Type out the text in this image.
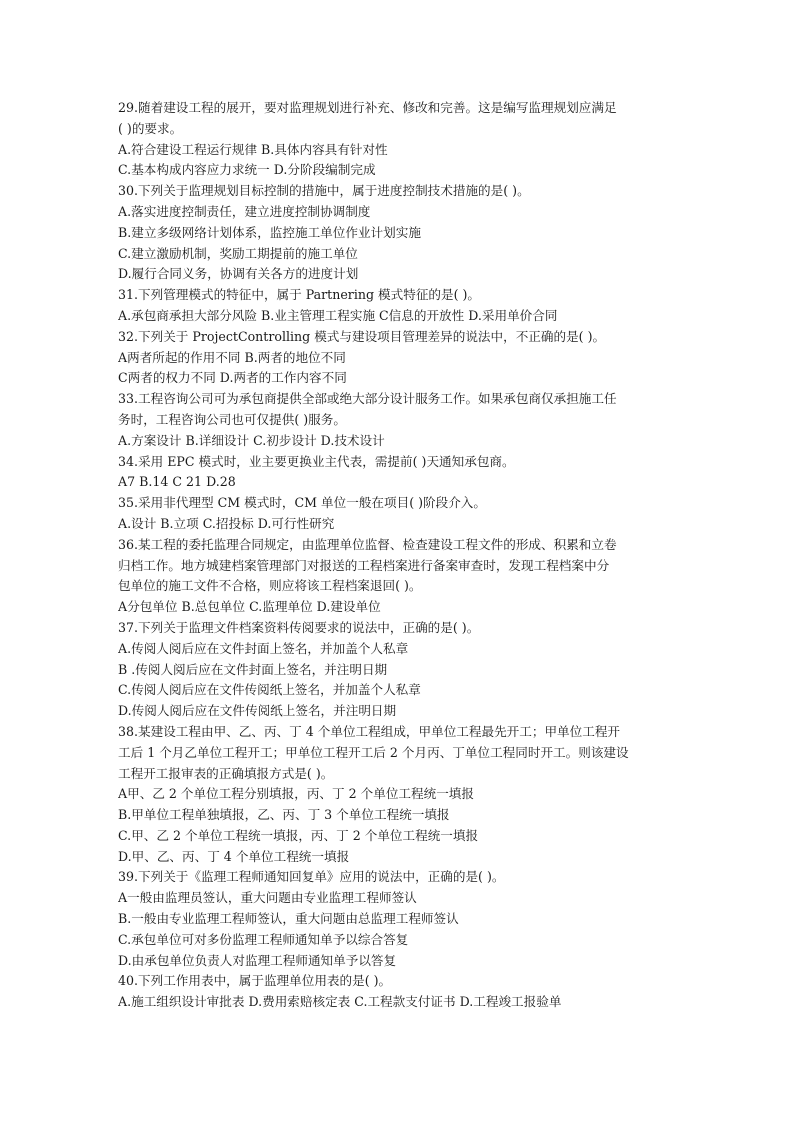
29.随着建设工程的展开，要对监理规划进行补充、修改和完善。这是编写监理规划应满足
( )的要求。
A.符合建设工程运行规律 B.具体内容具有针对性
C.基本构成内容应力求统一 D.分阶段编制完成
30.下列关于监理规划目标控制的措施中，属于进度控制技术措施的是( )。
A.落实进度控制责任，建立进度控制协调制度
B.建立多级网络计划体系，监控施工单位作业计划实施
C.建立激励机制，奖励工期提前的施工单位
D.履行合同义务，协调有关各方的进度计划
31.下列管理模式的特征中，属于 Partnering 模式特征的是( )。
A.承包商承担大部分风险 B.业主管理工程实施 C信息的开放性 D.采用单价合同
32.下列关于 ProjectControlling 模式与建设项目管理差异的说法中，不正确的是( )。
A两者所起的作用不同 B.两者的地位不同
C两者的权力不同 D.两者的工作内容不同
33.工程咨询公司可为承包商提供全部或绝大部分设计服务工作。如果承包商仅承担施工任
务时，工程咨询公司也可仅提供( )服务。
A.方案设计 B.详细设计 C.初步设计 D.技术设计
34.采用 EPC 模式时，业主要更换业主代表，需提前( )天通知承包商。
A7 B.14 C 21 D.28
35.采用非代理型 CM 模式时，CM 单位一般在项目( )阶段介入。
A.设计 B.立项 C.招投标 D.可行性研究
36.某工程的委托监理合同规定，由监理单位监督、检查建设工程文件的形成、积累和立卷
归档工作。地方城建档案管理部门对报送的工程档案进行备案审查时，发现工程档案中分
包单位的施工文件不合格，则应将该工程档案退回( )。
A分包单位 B.总包单位 C.监理单位 D.建设单位
37.下列关于监理文件档案资料传阅要求的说法中，正确的是( )。
A.传阅人阅后应在文件封面上签名，并加盖个人私章
B .传阅人阅后应在文件封面上签名，并注明日期
C.传阅人阅后应在文件传阅纸上签名，并加盖个人私章
D.传阅人阅后应在文件传阅纸上签名，并注明日期
38.某建设工程由甲、乙、丙、丁 4 个单位工程组成，甲单位工程最先开工；甲单位工程开
工后 1 个月乙单位工程开工；甲单位工程开工后 2 个月丙、丁单位工程同时开工。则该建设
工程开工报审表的正确填报方式是( )。
A甲、乙 2 个单位工程分别填报，丙、丁 2 个单位工程统一填报
B.甲单位工程单独填报，乙、丙、丁 3 个单位工程统一填报
C.甲、乙 2 个单位工程统一填报，丙、丁 2 个单位工程统一填报
D.甲、乙、丙、丁 4 个单位工程统一填报
39.下列关于《监理工程师通知回复单》应用的说法中，正确的是( )。
A一般由监理员签认，重大问题由专业监理工程师签认
B.一般由专业监理工程师签认，重大问题由总监理工程师签认
C.承包单位可对多份监理工程师通知单予以综合答复
D.由承包单位负责人对监理工程师通知单予以答复
40.下列工作用表中，属于监理单位用表的是( )。
A.施工组织设计审批表 D.费用索赔核定表 C.工程款支付证书 D.工程竣工报验单
